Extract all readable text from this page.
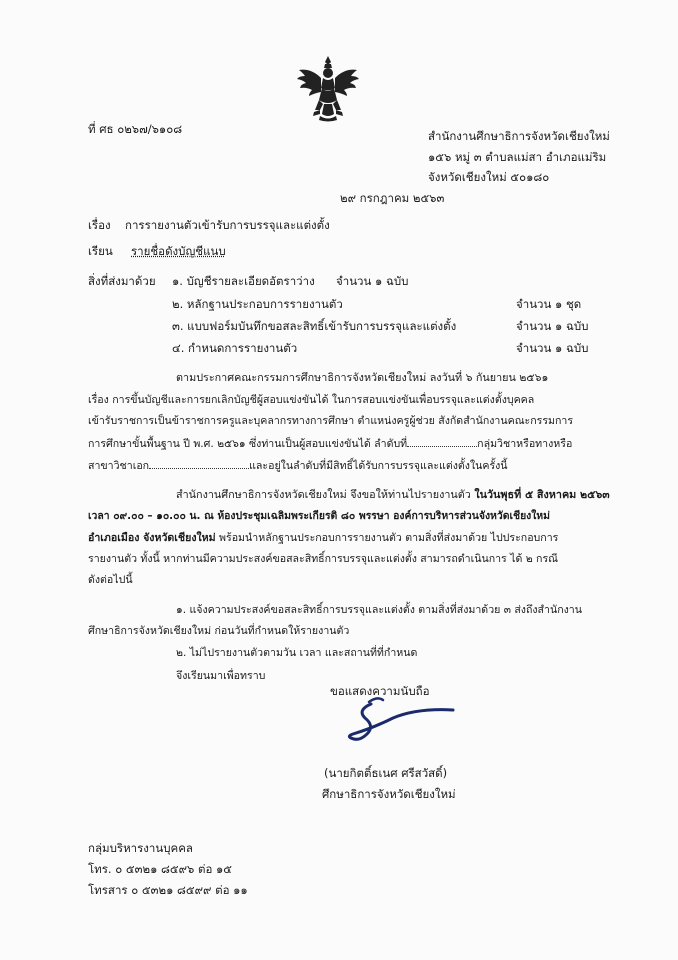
ที่ ศธ ๐๒๖๗/๖๑๐๘	สำนักงานศึกษาธิการจังหวัดเชียงใหม่
๑๕๖ หมู่ ๓ ตำบลแม่สา อำเภอแม่ริม
จังหวัดเชียงใหม่ ๕๐๑๘๐
๒๙ กรกฎาคม ๒๕๖๓
เรื่อง การรายงานตัวเข้ารับการบรรจุและแต่งตั้ง
เรียน รายชื่อดังบัญชีแนบ
สิ่งที่ส่งมาด้วย ๑. บัญชีรายละเอียดอัตราว่าง จำนวน ๑ ฉบับ
๒. หลักฐานประกอบการรายงานตัว	จำนวน ๑ ชุด
๓. แบบฟอร์มบันทึกขอสละสิทธิ์เข้ารับการบรรจุและแต่งตั้ง	จำนวน ๑ ฉบับ
๔. กำหนดการรายงานตัว	จำนวน ๑ ฉบับ
ตามประกาศคณะกรรมการศึกษาธิการจังหวัดเชียงใหม่ ลงวันที่ ๖ กันยายน ๒๕๖๑
เรื่อง การขึ้นบัญชีและการยกเลิกบัญชีผู้สอบแข่งขันได้ ในการสอบแข่งขันเพื่อบรรจุและแต่งตั้งบุคคล
เข้ารับราชการเป็นข้าราชการครูและบุคลากรทางการศึกษา ตำแหน่งครูผู้ช่วย สังกัดสำนักงานคณะกรรมการ
การศึกษาขั้นพื้นฐาน ปี พ.ศ. ๒๕๖๑ ซึ่งท่านเป็นผู้สอบแข่งขันได้ ลำดับที่	กลุ่มวิชาหรือทางหรือ
สาขาวิชาเอก	และอยู่ในลำดับที่มีสิทธิ์ได้รับการบรรจุและแต่งตั้งในครั้งนี้
สำนักงานศึกษาธิการจังหวัดเชียงใหม่ จึงขอให้ท่านไปรายงานตัว ในวันพุธที่ ๕ สิงหาคม ๒๕๖๓
เวลา ๐๙.๐๐ – ๑๐.๐๐ น. ณ ห้องประชุมเฉลิมพระเกียรติ ๘๐ พรรษา องค์การบริหารส่วนจังหวัดเชียงใหม่
อำเภอเมือง จังหวัดเชียงใหม่ พร้อมนำหลักฐานประกอบการรายงานตัว ตามสิ่งที่ส่งมาด้วย ไปประกอบการ
รายงานตัว ทั้งนี้ หากท่านมีความประสงค์ขอสละสิทธิ์การบรรจุและแต่งตั้ง สามารถดำเนินการ ได้ ๒ กรณี
ดังต่อไปนี้
๑. แจ้งความประสงค์ขอสละสิทธิ์การบรรจุและแต่งตั้ง ตามสิ่งที่ส่งมาด้วย ๓ ส่งถึงสำนักงาน
ศึกษาธิการจังหวัดเชียงใหม่ ก่อนวันที่กำหนดให้รายงานตัว
๒. ไม่ไปรายงานตัวตามวัน เวลา และสถานที่ที่กำหนด
จึงเรียนมาเพื่อทราบ
ขอแสดงความนับถือ
(นายกิตติ์ธเนศ ศรีสวัสดิ์)
ศึกษาธิการจังหวัดเชียงใหม่
กลุ่มบริหารงานบุคคล
โทร. ๐ ๕๓๒๑ ๘๕๙๖ ต่อ ๑๕
โทรสาร ๐ ๕๓๒๑ ๘๕๙๙ ต่อ ๑๑
